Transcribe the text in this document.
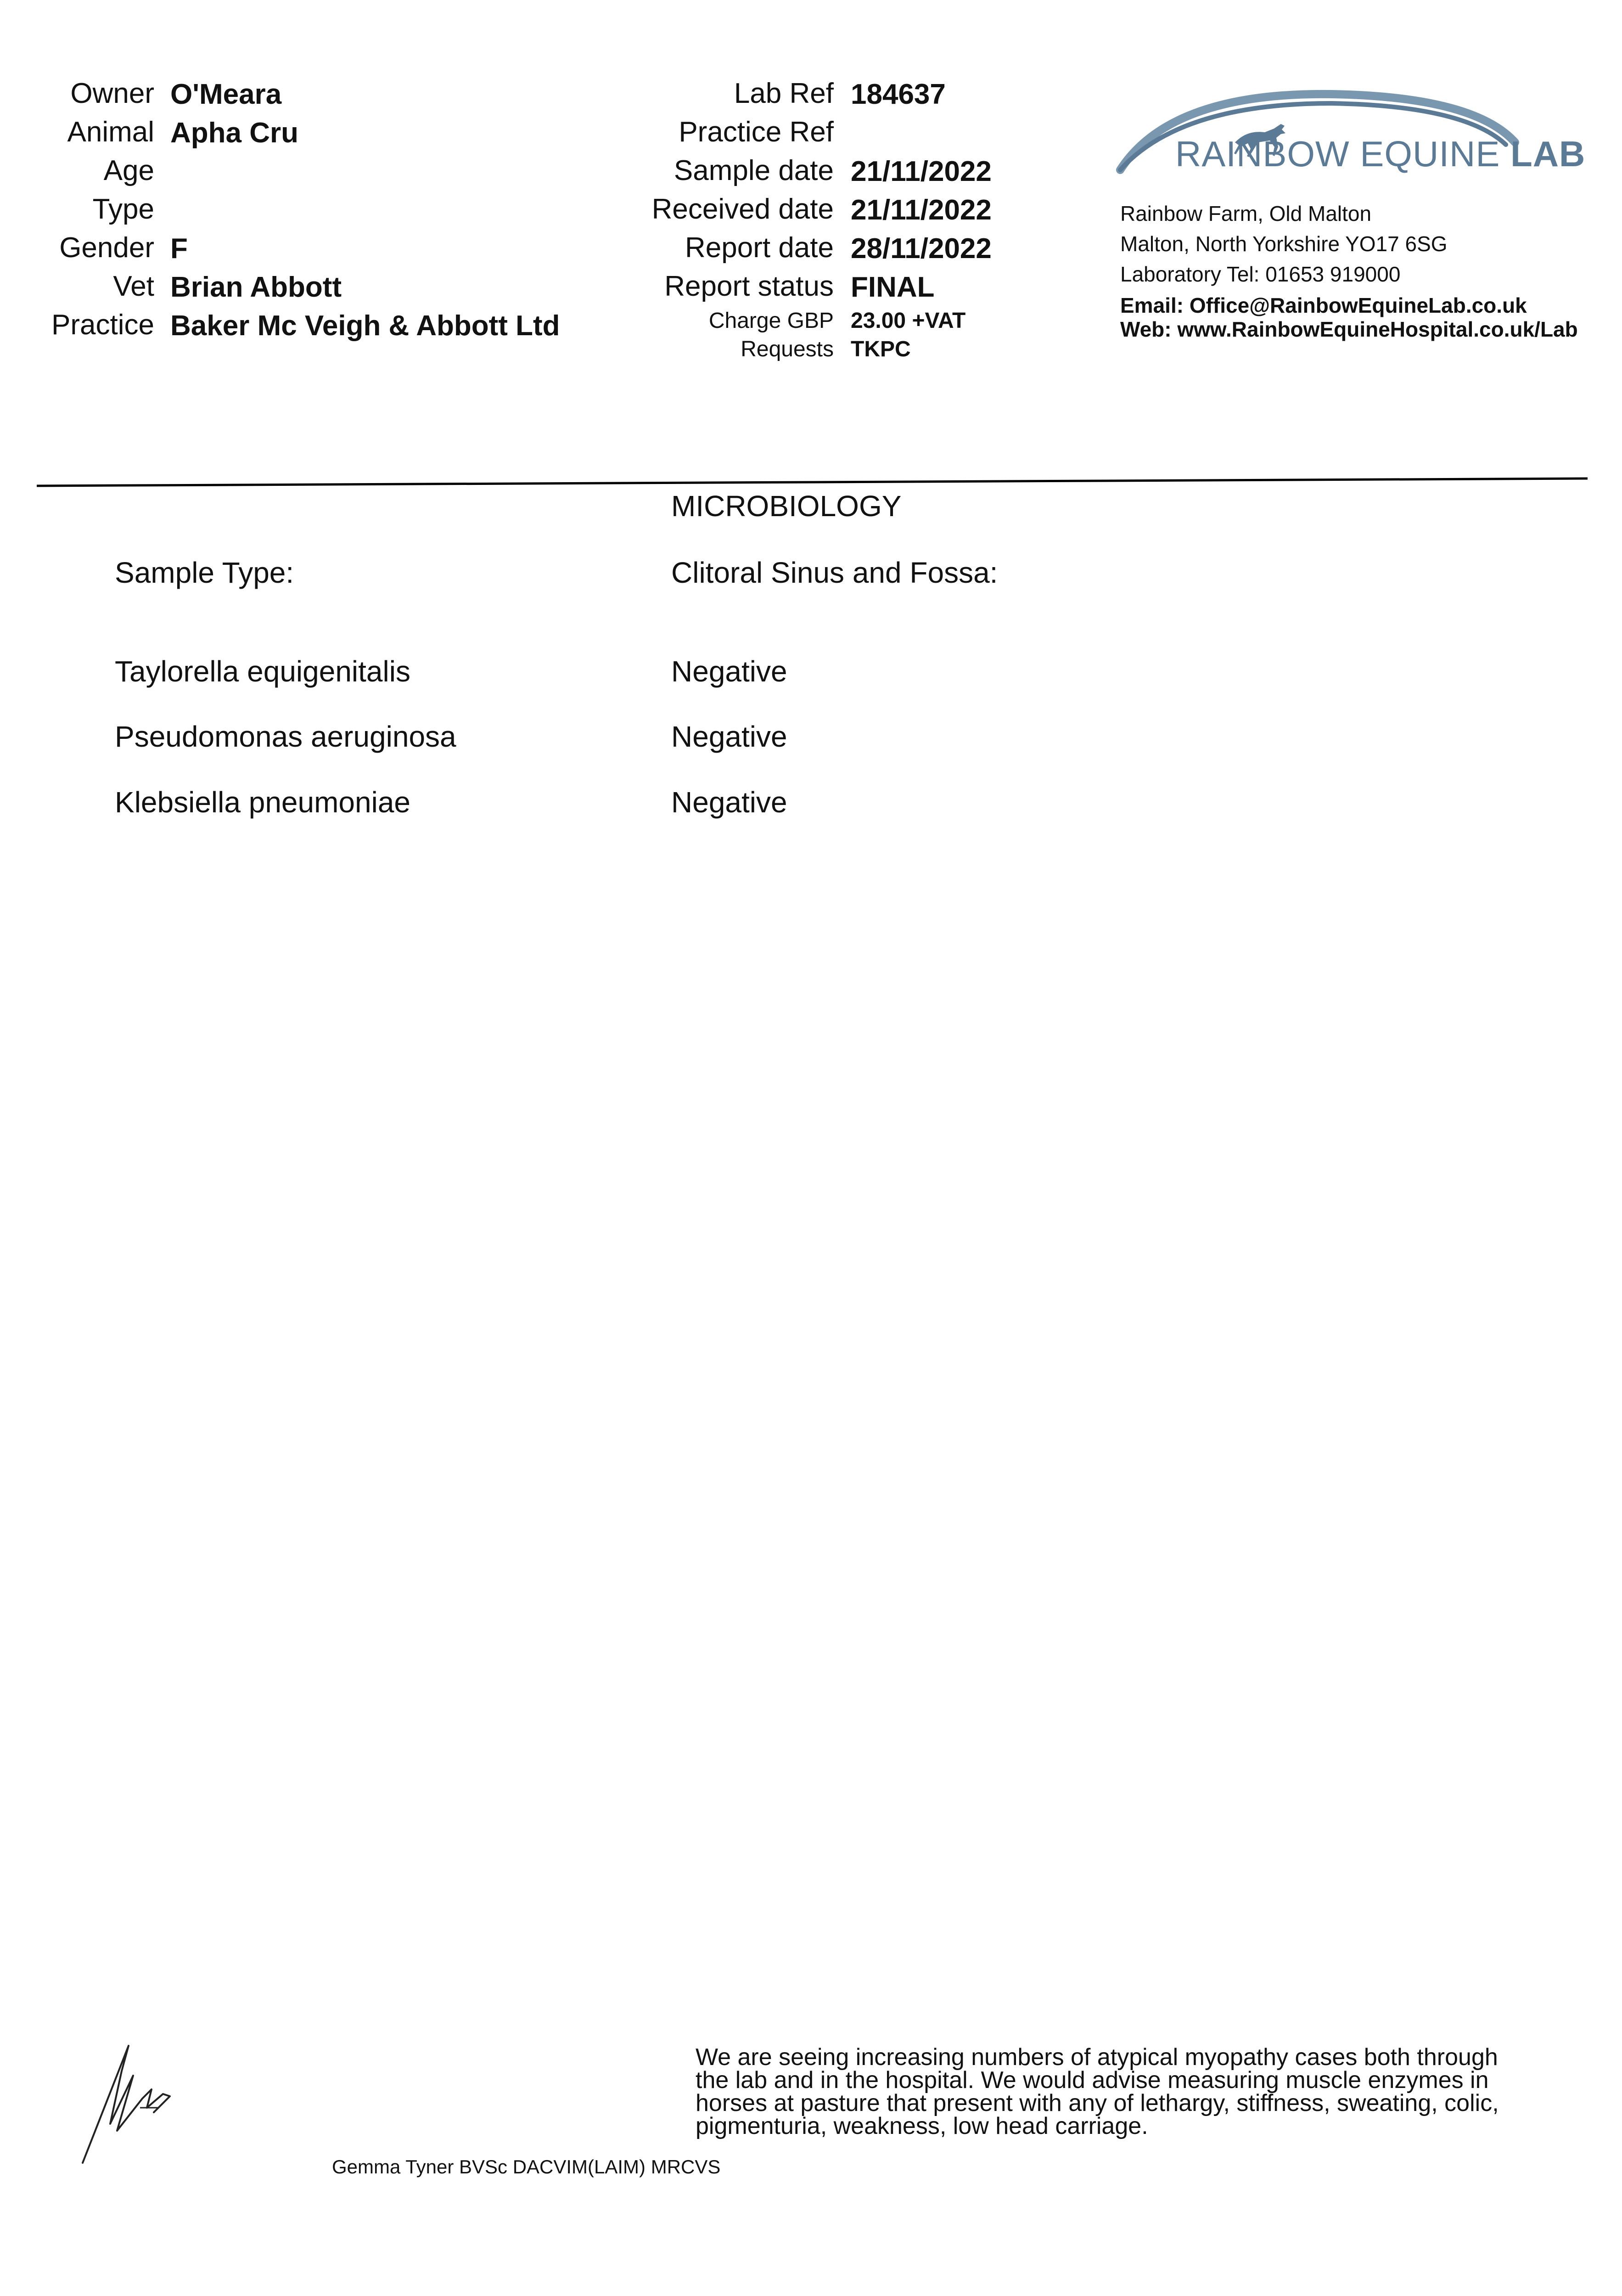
Owner O'Meara
Animal Apha Cru
Age
Type
Gender F
Vet Brian Abbott
Practice Baker Mc Veigh & Abbott Ltd
Lab Ref 184637
Practice Ref
Sample date 21/11/2022
Received date 21/11/2022
Report date 28/11/2022
Report status FINAL
Charge GBP 23.00 +VAT
Requests TKPC
RAINBOW EQUINE LAB
Rainbow Farm, Old Malton
Malton, North Yorkshire YO17 6SG
Laboratory Tel: 01653 919000
Email: Office@RainbowEquineLab.co.uk
Web: www.RainbowEquineHospital.co.uk/Lab
MICROBIOLOGY
Sample Type:	Clitoral Sinus and Fossa:
Taylorella equigenitalis	Negative
Pseudomonas aeruginosa	Negative
Klebsiella pneumoniae	Negative
We are seeing increasing numbers of atypical myopathy cases both through the lab and in the hospital. We would advise measuring muscle enzymes in horses at pasture that present with any of lethargy, stiffness, sweating, colic, pigmenturia, weakness, low head carriage.
Gemma Tyner BVSc DACVIM(LAIM) MRCVS
